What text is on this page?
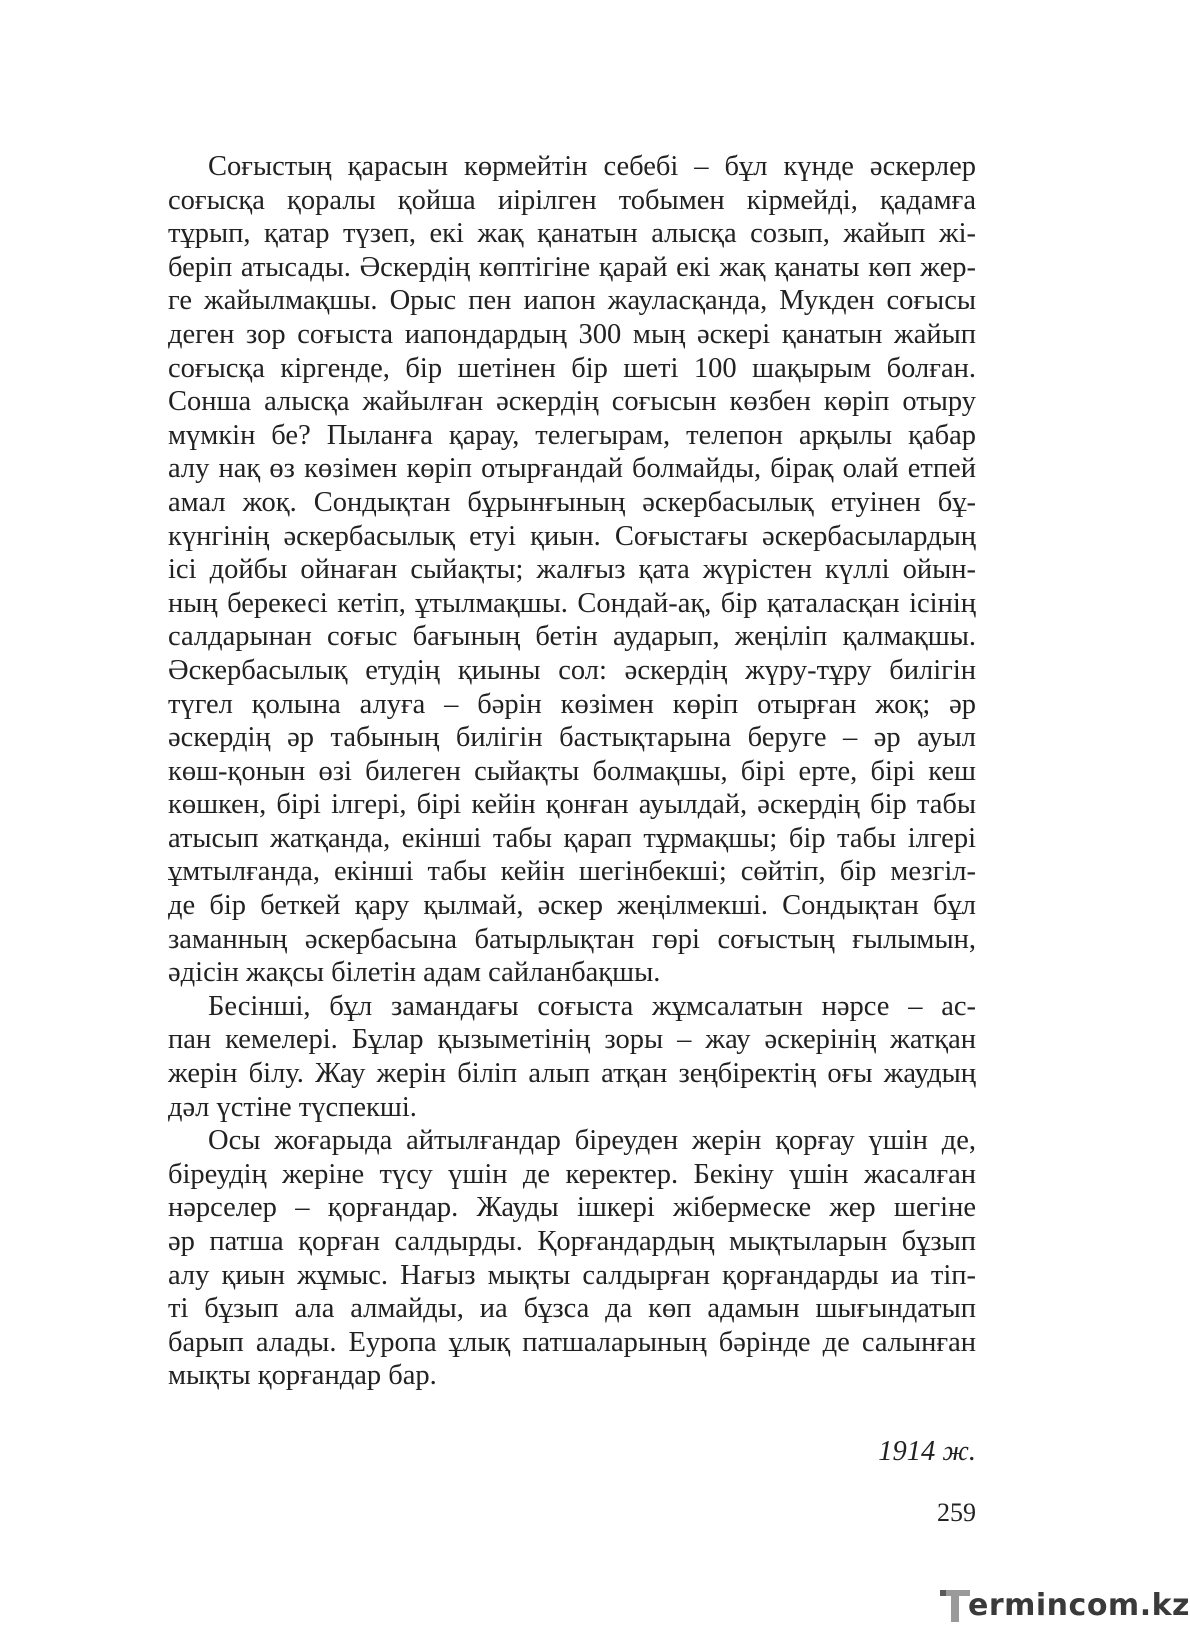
Соғыстың қарасын көрмейтін себебі – бұл күнде әскерлер
соғысқа қоралы қойша иірілген тобымен кірмейді, қадамға
тұрып, қатар түзеп, екі жақ қанатын алысқа созып, жайып жі-
беріп атысады. Әскердің көптігіне қарай екі жақ қанаты көп жер-
ге жайылмақшы. Орыс пен иапон жауласқанда, Мукден соғысы
деген зор соғыста иапондардың 300 мың әскері қанатын жайып
соғысқа кіргенде, бір шетінен бір шеті 100 шақырым болған.
Сонша алысқа жайылған әскердің соғысын көзбен көріп отыру
мүмкін бе? Пыланға қарау, телегырам, телепон арқылы қабар
алу нақ өз көзімен көріп отырғандай болмайды, бірақ олай етпей
амал жоқ. Сондықтан бұрынғының әскербасылық етуінен бұ-
күнгінің әскербасылық етуі қиын. Соғыстағы әскербасылардың
ісі дойбы ойнаған сыйақты; жалғыз қата жүрістен күллі ойын-
ның берекесі кетіп, ұтылмақшы. Сондай-ақ, бір қаталасқан ісінің
салдарынан соғыс бағының бетін аударып, жеңіліп қалмақшы.
Әскербасылық етудің қиыны сол: әскердің жүру-тұру билігін
түгел қолына алуға – бәрін көзімен көріп отырған жоқ; әр
әскердің әр табының билігін бастықтарына беруге – әр ауыл
көш-қонын өзі билеген сыйақты болмақшы, бірі ерте, бірі кеш
көшкен, бірі ілгері, бірі кейін қонған ауылдай, әскердің бір табы
атысып жатқанда, екінші табы қарап тұрмақшы; бір табы ілгері
ұмтылғанда, екінші табы кейін шегінбекші; сөйтіп, бір мезгіл-
де бір беткей қару қылмай, әскер жеңілмекші. Сондықтан бұл
заманның әскербасына батырлықтан гөрі соғыстың ғылымын,
әдісін жақсы білетін адам сайланбақшы.
Бесінші, бұл замандағы соғыста жұмсалатын нәрсе – ас-
пан кемелері. Бұлар қызыметінің зоры – жау әскерінің жатқан
жерін білу. Жау жерін біліп алып атқан зеңбіректің оғы жаудың
дәл үстіне түспекші.
Осы жоғарыда айтылғандар біреуден жерін қорғау үшін де,
біреудің жеріне түсу үшін де керектер. Бекіну үшін жасалған
нәрселер – қорғандар. Жауды ішкері жібермеске жер шегіне
әр патша қорған салдырды. Қорғандардың мықтыларын бұзып
алу қиын жұмыс. Нағыз мықты салдырған қорғандарды иа тіп-
ті бұзып ала алмайды, иа бұзса да көп адамын шығындатып
барып алады. Еуропа ұлық патшаларының бәрінде де салынған
мықты қорғандар бар.
1914 ж.
259
ermincom.kz
